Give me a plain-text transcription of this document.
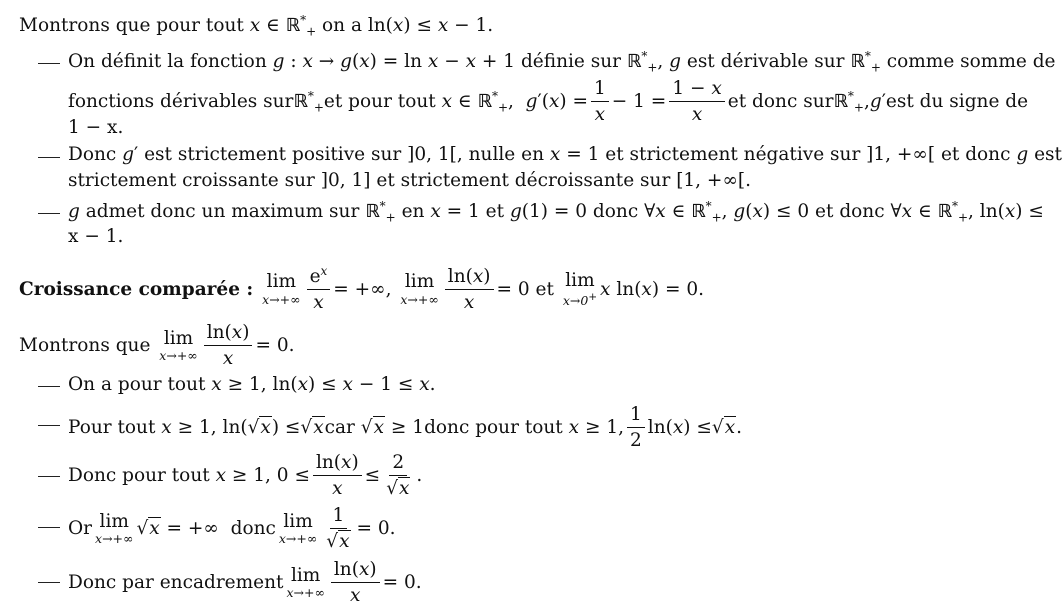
Montrons que pour tout x ∈ ℝ*$_+$ on a ln(x) ≤ x − 1.
On définit la fonction g : x → g(x) = ln x − x + 1 définie sur ℝ*$_+$, g est dérivable sur ℝ*$_+$ comme somme de
fonctions dérivables sur ℝ*$_+$ et pour tout
x ∈ ℝ*$_+$ , g ′( x ) = $\frac{1}{x} - 1 = \frac{1 - x}{x}$ et donc sur ℝ*$_+$ , g ′ est du signe de
1 − x.
Donc g′ est strictement positive sur ]0, 1[, nulle en x = 1 et strictement négative sur ]1, +∞[ et donc g est
strictement croissante sur ]0, 1] et strictement décroissante sur [1, +∞[.
g admet donc un maximum sur ℝ*$_+$ en x = 1 et g(1) = 0 donc ∀x ∈ ℝ*$_+$, g(x) ≤ 0 et donc ∀x ∈ ℝ*$_+$, ln(x) ≤
x − 1.
Croissance comparée :
lim
$x\to+\infty \frac{e^x}{x}$ = +∞, lim
$x\to+\infty \frac{\ln(x)}{x} = 0$ et
lim
x→0+ x ln( x ) = 0.
Montrons que
lim
$x\to+\infty \frac{\ln(x)}{x} = 0$.
On a pour tout x ≥ 1, ln(x) ≤ x − 1 ≤ x.
Pour tout
x ≥ 1, ln( √x ) ≤ √x car
√x ≥ 1 donc pour tout
x ≥ 1, $\frac{1}{2} \ln$( x ) ≤ √x .
Donc pour tout
x ≥ 1, $0 \le \frac{\ln(x)}{x} \le \frac{2}{√x}$ .
Or lim
x→+∞ √x = +∞ donc lim
$x\to+\infty \frac{1}{√x} = 0$.
Donc par encadrement lim
$x\to+\infty \frac{\ln(x)}{x} = 0$.
